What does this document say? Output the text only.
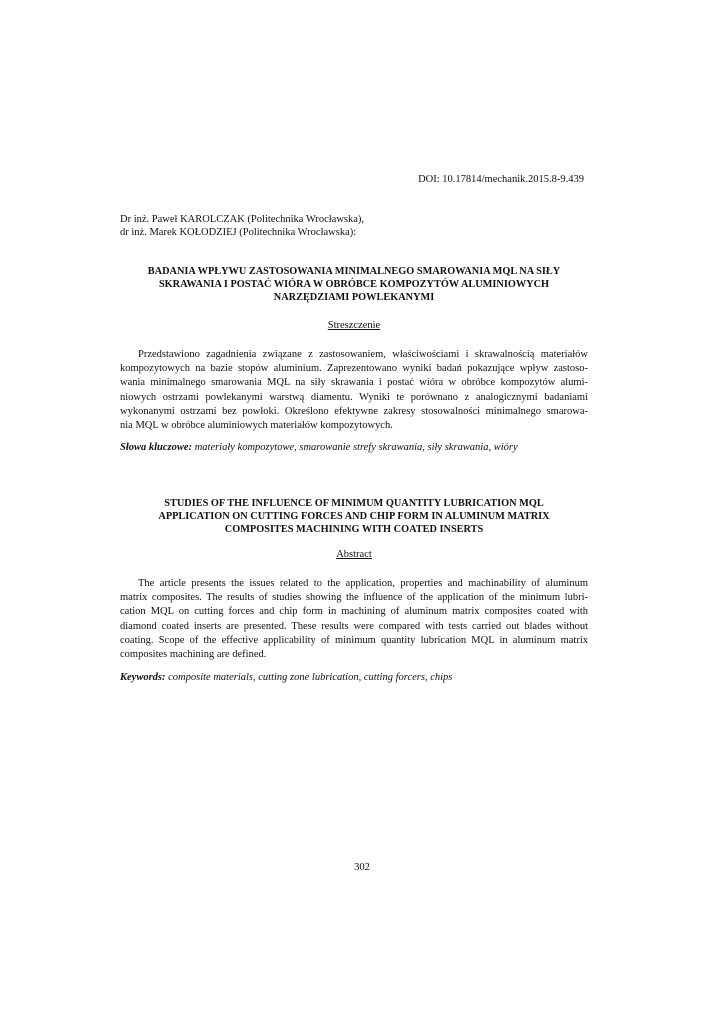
DOI: 10.17814/mechanik.2015.8-9.439
Dr inż. Paweł KAROLCZAK (Politechnika Wrocławska),
dr inż. Marek KOŁODZIEJ (Politechnika Wrocławska):
BADANIA WPŁYWU ZASTOSOWANIA MINIMALNEGO SMAROWANIA MQL NA SIŁY
SKRAWANIA I POSTAĆ WIÓRA W OBRÓBCE KOMPOZYTÓW ALUMINIOWYCH
NARZĘDZIAMI POWLEKANYMI
Streszczenie
Przedstawiono zagadnienia związane z zastosowaniem, właściwościami i skrawalnością materiałów
kompozytowych na bazie stopów aluminium. Zaprezentowano wyniki badań pokazujące wpływ zastoso-
wania minimalnego smarowania MQL na siły skrawania i postać wióra w obróbce kompozytów alumi-
niowych ostrzami powlekanymi warstwą diamentu. Wyniki te porównano z analogicznymi badaniami
wykonanymi ostrzami bez powłoki. Określono efektywne zakresy stosowalności minimalnego smarowa-
nia MQL w obróbce aluminiowych materiałów kompozytowych.
Słowa kluczowe: materiały kompozytowe, smarowanie strefy skrawania, siły skrawania, wióry
STUDIES OF THE INFLUENCE OF MINIMUM QUANTITY LUBRICATION MQL
APPLICATION ON CUTTING FORCES AND CHIP FORM IN ALUMINUM MATRIX
COMPOSITES MACHINING WITH COATED INSERTS
Abstract
The article presents the issues related to the application, properties and machinability of aluminum
matrix composites. The results of studies showing the influence of the application of the minimum lubri-
cation MQL on cutting forces and chip form in machining of aluminum matrix composites coated with
diamond coated inserts are presented. These results were compared with tests carried out blades without
coating. Scope of the effective applicability of minimum quantity lubrication MQL in aluminum matrix
composites machining are defined.
Keywords: composite materials, cutting zone lubrication, cutting forcers, chips
302
